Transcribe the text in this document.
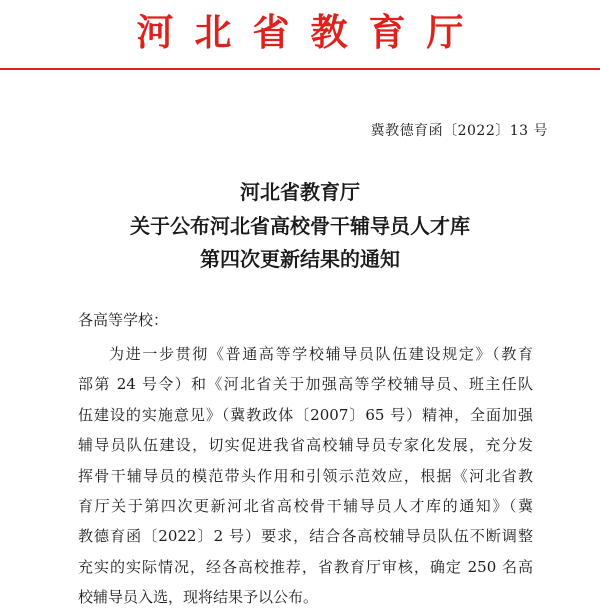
河北省教育厅
冀教德育函〔2022〕13 号
河北省教育厅
关于公布河北省高校骨干辅导员人才库
第四次更新结果的通知
各高等学校：
为进一步贯彻《普通高等学校辅导员队伍建设规定》（教育
部第 24 号令）和《河北省关于加强高等学校辅导员、班主任队
伍建设的实施意见》（冀教政体〔2007〕65 号）精神，全面加强
辅导员队伍建设，切实促进我省高校辅导员专家化发展，充分发
挥骨干辅导员的模范带头作用和引领示范效应，根据《河北省教
育厅关于第四次更新河北省高校骨干辅导员人才库的通知》（冀
教德育函〔2022〕2 号）要求，结合各高校辅导员队伍不断调整
充实的实际情况，经各高校推荐，省教育厅审核，确定 250 名高
校辅导员入选，现将结果予以公布。
